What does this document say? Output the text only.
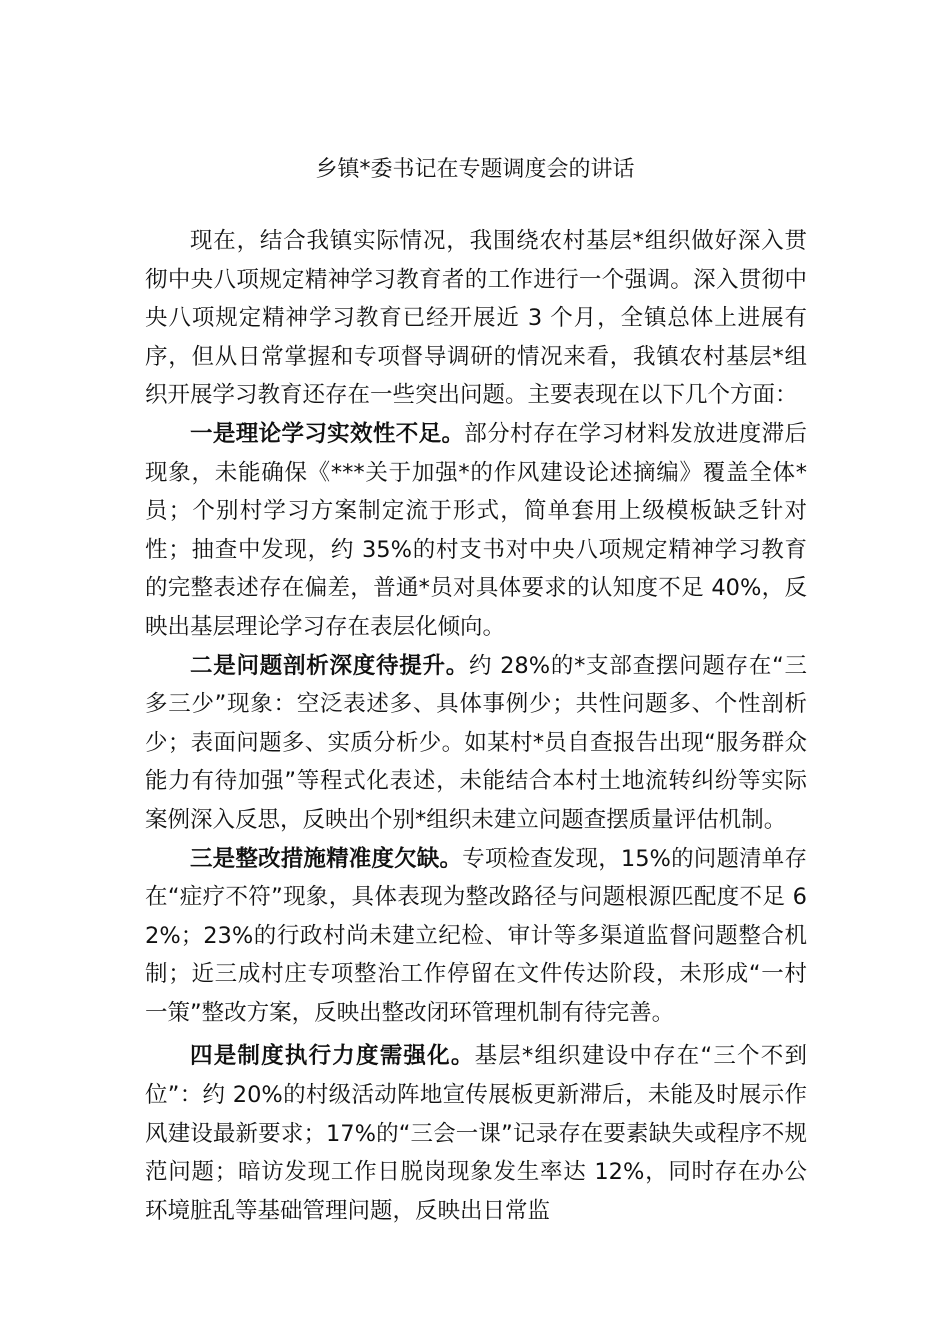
乡镇*委书记在专题调度会的讲话

现在，结合我镇实际情况，我围绕农村基层*组织做好深入贯彻中央八项规定精神学习教育者的工作进行一个强调。深入贯彻中央八项规定精神学习教育已经开展近 3 个月，全镇总体上进展有序，但从日常掌握和专项督导调研的情况来看，我镇农村基层*组织开展学习教育还存在一些突出问题。主要表现在以下几个方面：

一是理论学习实效性不足。部分村存在学习材料发放进度滞后现象，未能确保《***关于加强*的作风建设论述摘编》覆盖全体*员；个别村学习方案制定流于形式，简单套用上级模板缺乏针对性；抽查中发现，约 35%的村支书对中央八项规定精神学习教育的完整表述存在偏差，普通*员对具体要求的认知度不足 40%，反映出基层理论学习存在表层化倾向。

二是问题剖析深度待提升。约 28%的*支部查摆问题存在“三多三少”现象：空泛表述多、具体事例少；共性问题多、个性剖析少；表面问题多、实质分析少。如某村*员自查报告出现“服务群众能力有待加强”等程式化表述，未能结合本村土地流转纠纷等实际案例深入反思，反映出个别*组织未建立问题查摆质量评估机制。

三是整改措施精准度欠缺。专项检查发现，15%的问题清单存在“症疗不符”现象，具体表现为整改路径与问题根源匹配度不足 62%；23%的行政村尚未建立纪检、审计等多渠道监督问题整合机制；近三成村庄专项整治工作停留在文件传达阶段，未形成“一村一策”整改方案，反映出整改闭环管理机制有待完善。

四是制度执行力度需强化。基层*组织建设中存在“三个不到位”：约 20%的村级活动阵地宣传展板更新滞后，未能及时展示作风建设最新要求；17%的“三会一课”记录存在要素缺失或程序不规范问题；暗访发现工作日脱岗现象发生率达 12%，同时存在办公环境脏乱等基础管理问题，反映出日常监
